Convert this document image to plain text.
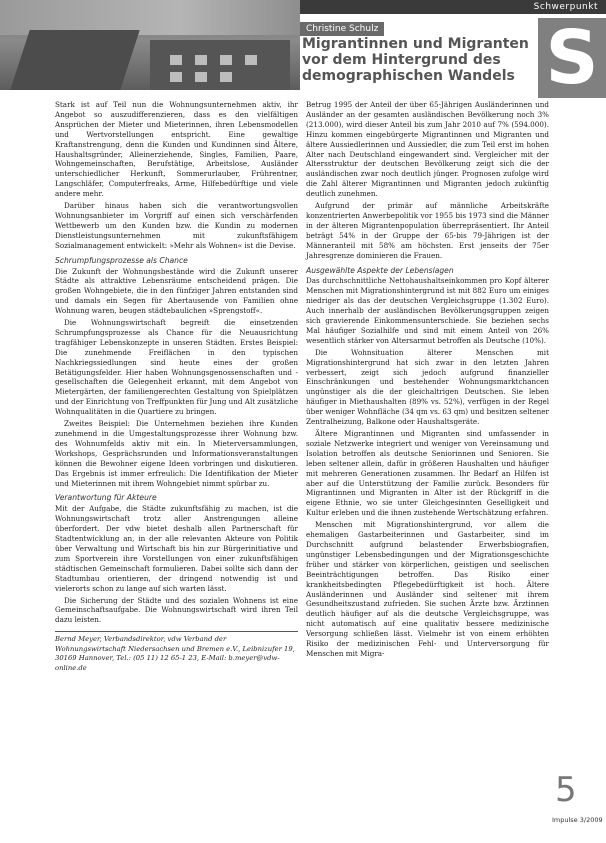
Schwerpunkt
Christine Schulz
Migrantinnen und Migranten vor dem Hintergrund des demographischen Wandels S

Stark ist auf Teil nun die Wohnungsunternehmen aktiv, ihr Angebot so auszudifferenzieren, dass es den vielfältigen Ansprüchen der Mieter und Mieterinnen, ihren Lebensmodellen und Wertvorstellungen entspricht. Eine gewaltige Kraftanstrengung, denn die Kunden und Kundinnen sind Ältere, Haushaltsgründer, Alleinerziehende, Singles, Familien, Paare, Wohngemeinschaften, Berufstätige, Arbeitslose, Ausländer unterschiedlicher Herkunft, Sommerurlauber, Frührentner, Langschläfer, Computerfreaks, Arme, Hilfebedürftige und viele andere mehr.

Darüber hinaus haben sich die verantwortungsvollen Wohnungsanbieter im Vorgriff auf einen sich verschärfenden Wettbewerb um den Kunden bzw. die Kundin zu modernen Dienstleistungsunternehmen mit zukunftsfähigem Sozialmanagement entwickelt: »Mehr als Wohnen« ist die Devise.

Schrumpfungsprozesse als Chance

Die Zukunft der Wohnungsbestände wird die Zukunft unserer Städte als attraktive Lebensräume entscheidend prägen. Die großen Wohngebiete, die in den fünfziger Jahren entstanden sind und damals ein Segen für Abertausende von Familien ohne Wohnung waren, beugen städtebaulichen »Sprengstoff«.

Die Wohnungswirtschaft begreift die einsetzenden Schrumpfungsprozesse als Chance für die Neuausrichtung tragfähiger Lebenskonzepte in unseren Städten. Erstes Beispiel: Die zunehmende Freiflächen in den typischen Nachkriegssiedlungen sind heute eines der großen Betätigungsfelder. Hier haben Wohnungsgenossenschaften und -gesellschaften die Gelegenheit erkannt, mit dem Angebot von Mietergärten, der familiengerechten Gestaltung von Spielplätzen und der Einrichtung von Treffpunkten für Jung und Alt zusätzliche Wohnqualitäten in die Quartiere zu bringen.

Zweites Beispiel: Die Unternehmen beziehen ihre Kunden zunehmend in die Umgestaltungsprozesse ihrer Wohnung bzw. des Wohnumfelds aktiv mit ein. In Mieterversammlungen, Workshops, Gesprächsrunden und Informationsveranstaltungen können die Bewohner eigene Ideen vorbringen und diskutieren. Das Ergebnis ist immer erfreulich: Die Identifikation der Mieter und Mieterinnen mit ihrem Wohngebiet nimmt spürbar zu.

Verantwortung für Akteure

Mit der Aufgabe, die Städte zukunftsfähig zu machen, ist die Wohnungswirtschaft trotz aller Anstrengungen alleine überfordert. Der vdw bietet deshalb allen Partnerschaft für Stadtentwicklung an, in der alle relevanten Akteure von Politik über Verwaltung und Wirtschaft bis hin zur Bürgerinitiative und zum Sportverein ihre Vorstellungen von einer zukunftsfähigen städtischen Gemeinschaft formulieren. Dabei sollte sich dann der Stadtumbau orientieren, der dringend notwendig ist und vielerorts schon zu lange auf sich warten lässt.

Die Sicherung der Städte und des sozialen Wohnens ist eine Gemeinschaftsaufgabe. Die Wohnungswirtschaft wird ihren Teil dazu leisten.

Bernd Meyer, Verbandsdirektor, vdw Verband der Wohnungswirtschaft Niedersachsen und Bremen e.V., Leibnizufer 19, 30169 Hannover, Tel.: (05 11) 12 65-1 23, E-Mail: b.meyer@vdw-online.de

Betrug 1995 der Anteil der über 65-Jährigen Ausländerinnen und Ausländer an der gesamten ausländischen Bevölkerung noch 3% (213.000), wird dieser Anteil bis zum Jahr 2010 auf 7% (594.000). Hinzu kommen eingebürgerte Migrantinnen und Migranten und ältere Aussiedlerinnen und Aussiedler, die zum Teil erst im hohen Alter nach Deutschland eingewandert sind. Vergleicher mit der Altersstruktur der deutschen Bevölkerung zeigt sich die der ausländischen zwar noch deutlich jünger. Prognosen zufolge wird die Zahl älterer Migrantinnen und Migranten jedoch zukünftig deutlich zunehmen.

Aufgrund der primär auf männliche Arbeitskräfte konzentrierten Anwerbepolitik vor 1955 bis 1973 sind die Männer in der älteren Migrantenpopulation überrepräsentiert. Ihr Anteil beträgt 54% in der Gruppe der 65-bis 79-Jährigen ist der Männeranteil mit 58% am höchsten. Erst jenseits der 75er Jahresgrenze dominieren die Frauen.

Ausgewählte Aspekte der Lebenslagen

Das durchschnittliche Nettohaushaltseinkommen pro Kopf älterer Menschen mit Migrationshintergrund ist mit 882 Euro um einiges niedriger als das der deutschen Vergleichsgruppe (1.302 Euro). Auch innerhalb der ausländischen Bevölkerungsgruppen zeigen sich gravierende Einkommensunterschiede. Sie beziehen sechs Mal häufiger Sozialhilfe und sind mit einem Anteil von 26% wesentlich stärker von Altersarmut betroffen als Deutsche (10%).

Die Wohnsituation älterer Menschen mit Migrationshintergrund hat sich zwar in den letzten Jahren verbessert, zeigt sich jedoch aufgrund finanzieller Einschränkungen und bestehender Wohnungsmarktchancen ungünstiger als die der gleichaltrigen Deutschen. Sie leben häufiger in Miethaushalten (89% vs. 52%), verfügen in der Regel über weniger Wohnfläche (34 qm vs. 63 qm) und besitzen seltener Zentralheizung, Balkone oder Haushaltsgeräte.

Ältere Migrantinnen und Migranten sind umfassender in soziale Netzwerke integriert und weniger von Vereinsamung und Isolation betroffen als deutsche Seniorinnen und Senioren. Sie leben seltener allein, dafür in größeren Haushalten und häufiger mit mehreren Generationen zusammen. Ihr Bedarf an Hilfen ist aber auf die Unterstützung der Familie zurück. Besonders für Migrantinnen und Migranten in Alter ist der Rückgriff in die eigene Ethnie, wo sie unter Gleichgesinnten Geselligkeit und Kultur erleben und die ihnen zustehende Wertschätzung erfahren.

Menschen mit Migrationshintergrund, vor allem die ehemaligen Gastarbeiterinnen und Gastarbeiter, sind im Durchschnitt aufgrund belastender Erwerbsbiografien, ungünstiger Lebensbedingungen und der Migrationsgeschichte früher und stärker von körperlichen, geistigen und seelischen Beeinträchtigungen betroffen. Das Risiko einer krankheitsbedingten Pflegebedürftigkeit ist hoch. Ältere Ausländerinnen und Ausländer sind seltener mit ihrem Gesundheitszustand zufrieden. Sie suchen Ärzte bzw. Ärztinnen deutlich häufiger auf als die deutsche Vergleichsgruppe, was nicht automatisch auf eine qualitativ bessere medizinische Versorgung schließen lässt. Vielmehr ist von einem erhöhten Risiko der medizinischen Fehl- und Unterversorgung für Menschen mit Migra-

5
Impulse 3/2009
